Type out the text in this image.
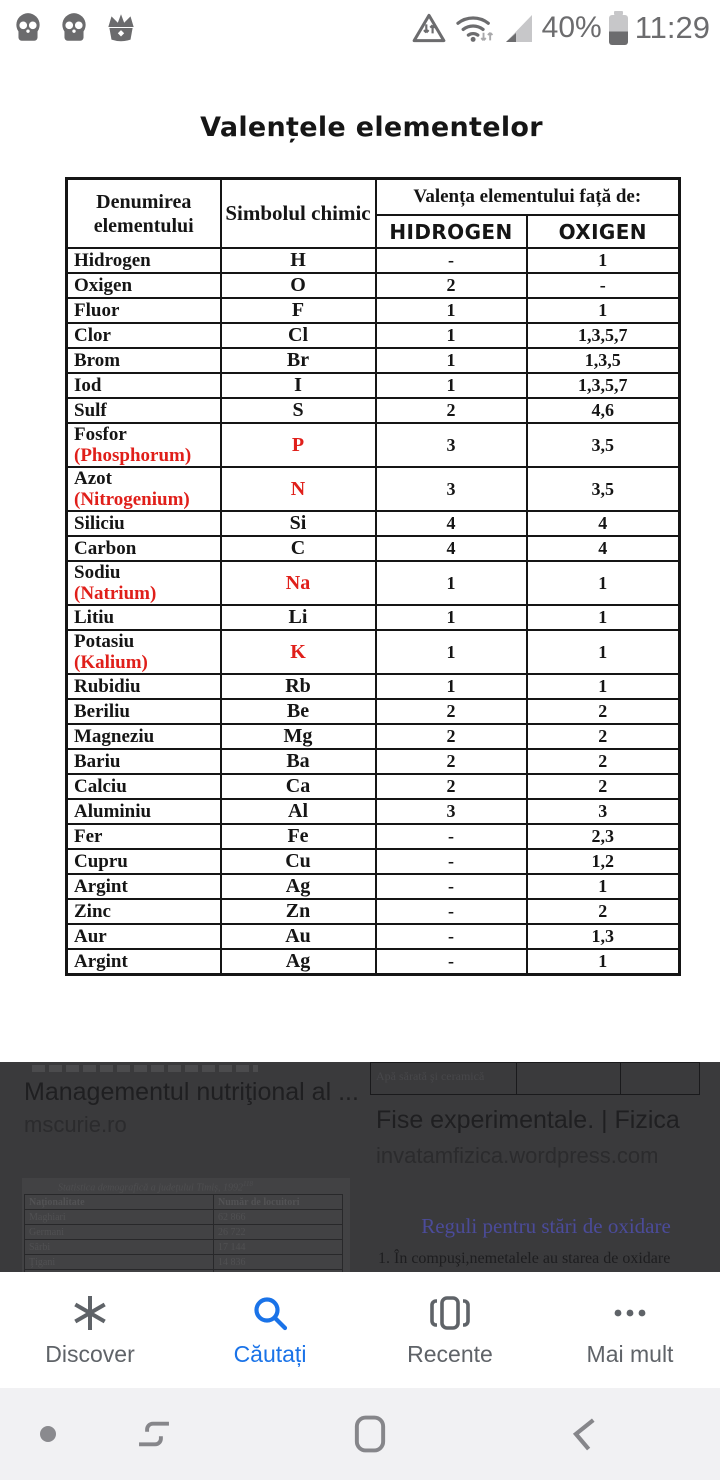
40% 11:29
Valențele elementelor
Denumirea elementului	Simbolul chimic	Valența elementului față de:	
		HIDROGEN	OXIGEN

Hidrogen	H	-	1

Oxigen	O	2	-

Fluor	F	1	1

Clor	Cl	1	1,3,5,7

Brom	Br	1	1,3,5

Iod	I	1	1,3,5,7

Sulf	S	2	4,6

Fosfor
(Phosphorum)	P	3	3,5

Azot
(Nitrogenium)	N	3	3,5

Siliciu	Si	4	4

Carbon	C	4	4

Sodiu
(Natrium)	Na	1	1

Litiu	Li	1	1

Potasiu
(Kalium)	K	1	1

Rubidiu	Rb	1	1

Beriliu	Be	2	2

Magneziu	Mg	2	2

Bariu	Ba	2	2

Calciu	Ca	2	2

Aluminiu	Al	3	3

Fer	Fe	-	2,3

Cupru	Cu	-	1,2

Argint	Ag	-	1

Zinc	Zn	-	2

Aur	Au	-	1,3

Argint	Ag	-	1
Managementul nutriţional al ...
mscurie.ro
Apă sărată şi ceramică
Fise experimentale. | Fizica
invatamfizica.wordpress.com
Statistica demografică a județului Timiș, 1992$^{118}$
Naţionalitate	Număr de locuitori
Maghiari	62 866
Germani	26 722
Sârbi	17 144
Ţigani	14 836

Reguli pentru stări de oxidare
1. În compuşi,nemetalele au starea de oxidare
Discover	Căutați	Recente	Mai mult
